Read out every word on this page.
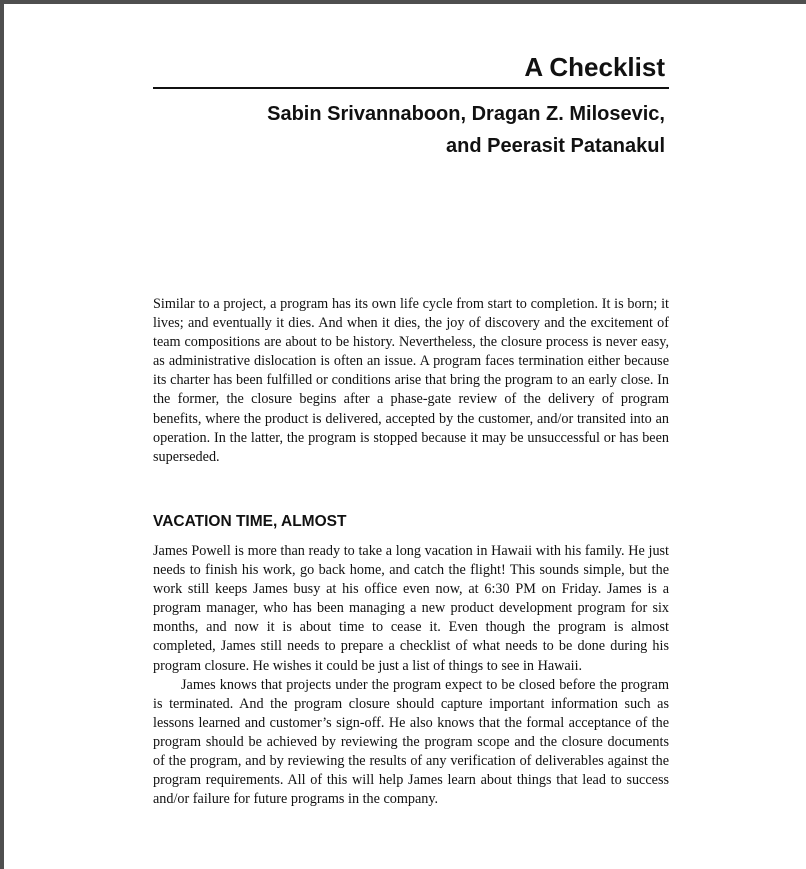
A Checklist
Sabin Srivannaboon, Dragan Z. Milosevic,
and Peerasit Patanakul

Similar to a project, a program has its own life cycle from start to completion. It is born; it lives; and eventually it dies. And when it dies, the joy of discovery and the excitement of team compositions are about to be history. Nevertheless, the closure process is never easy, as administrative dislocation is often an issue. A program faces termination either because its charter has been fulfilled or conditions arise that bring the program to an early close. In the former, the closure begins after a phase-gate review of the delivery of program benefits, where the product is delivered, accepted by the customer, and/or transited into an operation. In the latter, the program is stopped because it may be unsuccessful or has been superseded.

VACATION TIME, ALMOST

James Powell is more than ready to take a long vacation in Hawaii with his family. He just needs to finish his work, go back home, and catch the flight! This sounds simple, but the work still keeps James busy at his office even now, at 6:30 PM on Friday. James is a program manager, who has been managing a new product development program for six months, and now it is about time to cease it. Even though the program is almost completed, James still needs to prepare a checklist of what needs to be done during his program closure. He wishes it could be just a list of things to see in Hawaii.

James knows that projects under the program expect to be closed before the program is terminated. And the program closure should capture important information such as lessons learned and customer’s sign-off. He also knows that the formal acceptance of the program should be achieved by reviewing the program scope and the closure documents of the program, and by reviewing the results of any verification of deliverables against the program requirements. All of this will help James learn about things that lead to success and/or failure for future programs in the company.
